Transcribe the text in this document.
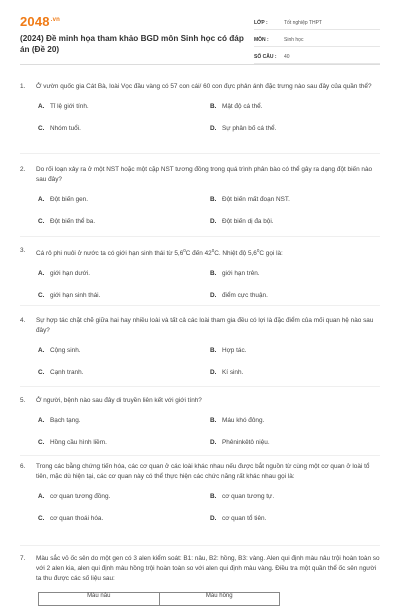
$2048^{.vn}$
(2024) Đề minh họa tham khảo BGD môn Sinh học có đáp án (Đề 20)
LỚP :	Tốt nghiệp THPT
MÔN :	Sinh học
SỐ CÂU :	40
1.	Ở vườn quốc gia Cát Bà, loài Vọc đầu vàng có 57 con cái/ 60 con đực phản ánh đặc trưng nào sau đây của quần thể?
A. Tỉ lệ giới tính.	B. Mật độ cá thể.
C. Nhóm tuổi.	D. Sự phân bố cá thể.
2.	Do rối loạn xảy ra ở một NST hoặc một cặp NST tương đồng trong quá trình phân bào có thể gây ra dạng đột biến nào sau đây?
A. Đột biến gen.	B. Đột biến mất đoạn NST.
C. Đột biến thể ba.	D. Đột biến dị đa bội.
3.	Cá rô phi nuôi ở nước ta có giới hạn sinh thái từ $5,6^0C$ đến $42^0C$. Nhiệt độ $5,6^0C$ gọi là:
A. giới hạn dưới.	B. giới hạn trên.
C. giới hạn sinh thái.	D. điểm cực thuận.
4.	Sự hợp tác chặt chẽ giữa hai hay nhiều loài và tất cả các loài tham gia đều có lợi là đặc điểm của mối quan hệ nào sau đây?
A. Cộng sinh.	B. Hợp tác.
C. Cạnh tranh.	D. Kí sinh.
5.	Ở người, bệnh nào sau đây di truyền liên kết với giới tính?
A. Bạch tạng.	B. Máu khó đông.
C. Hồng cầu hình liềm.	D. Phêninkêtô niệu.
6.	Trong các bằng chứng tiến hóa, các cơ quan ở các loài khác nhau nếu được bắt nguồn từ cùng một cơ quan ở loài tổ tiên, mặc dù hiện tại, các cơ quan này có thể thực hiện các chức năng rất khác nhau gọi là:
A. cơ quan tương đồng.	B. cơ quan tương tự.
C. cơ quan thoái hóa.	D. cơ quan tổ tiên.
7.	Màu sắc vỏ ốc sên do một gen có 3 alen kiểm soát: B1: nâu, B2: hồng, B3: vàng. Alen qui định màu nâu trội hoàn toàn so với 2 alen kia, alen qui định màu hồng trội hoàn toàn so với alen qui định màu vàng. Điều tra một quần thể ốc sên người ta thu được các số liệu sau:
Màu nâu	Màu hồng
